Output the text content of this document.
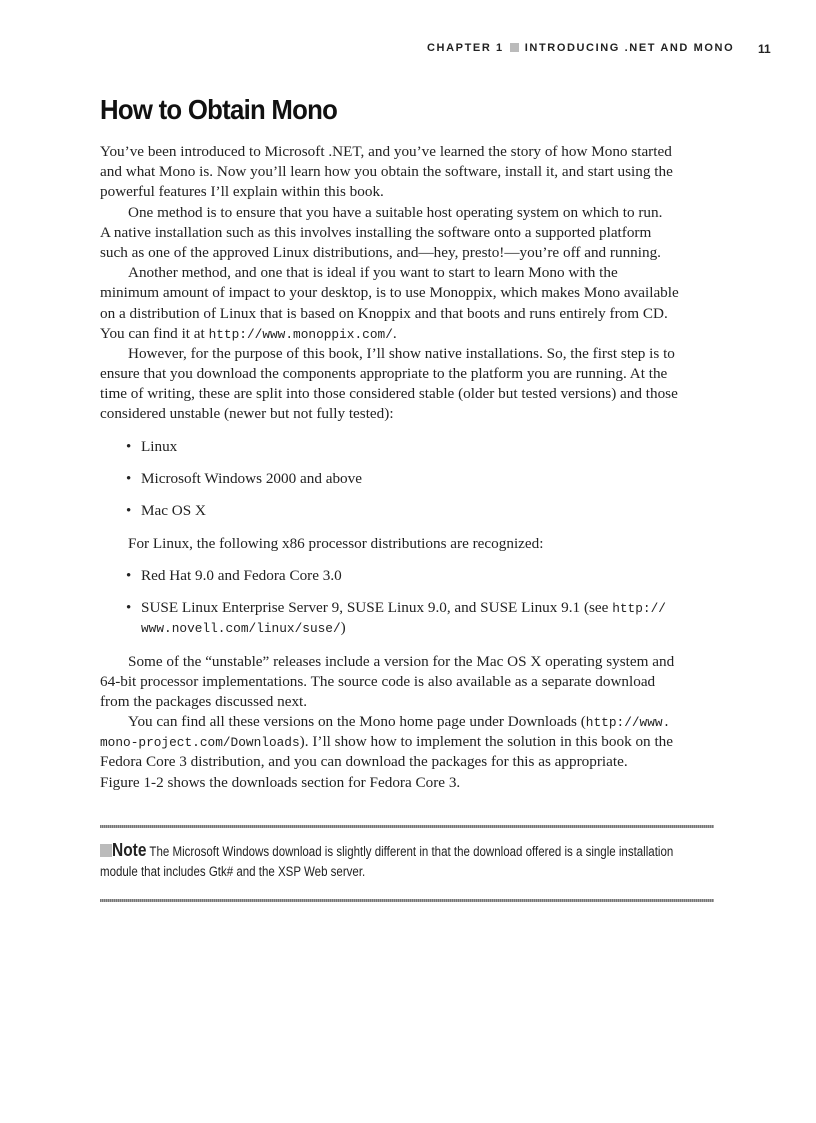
CHAPTER 1 INTRODUCING .NET AND MONO 11
How to Obtain Mono
You’ve been introduced to Microsoft .NET, and you’ve learned the story of how Mono started
and what Mono is. Now you’ll learn how you obtain the software, install it, and start using the
powerful features I’ll explain within this book.
One method is to ensure that you have a suitable host operating system on which to run.
A native installation such as this involves installing the software onto a supported platform
such as one of the approved Linux distributions, and—hey, presto!—you’re off and running.
Another method, and one that is ideal if you want to start to learn Mono with the
minimum amount of impact to your desktop, is to use Monoppix, which makes Mono available
on a distribution of Linux that is based on Knoppix and that boots and runs entirely from CD.
You can find it at http://www.monoppix.com/.
However, for the purpose of this book, I’ll show native installations. So, the first step is to
ensure that you download the components appropriate to the platform you are running. At the
time of writing, these are split into those considered stable (older but tested versions) and those
considered unstable (newer but not fully tested):
• Linux
• Microsoft Windows 2000 and above
• Mac OS X
For Linux, the following x86 processor distributions are recognized:
• Red Hat 9.0 and Fedora Core 3.0
• SUSE Linux Enterprise Server 9, SUSE Linux 9.0, and SUSE Linux 9.1 (see http://
www.novell.com/linux/suse/)
Some of the “unstable” releases include a version for the Mac OS X operating system and
64-bit processor implementations. The source code is also available as a separate download
from the packages discussed next.
You can find all these versions on the Mono home page under Downloads (http://www.
mono-project.com/Downloads). I’ll show how to implement the solution in this book on the
Fedora Core 3 distribution, and you can download the packages for this as appropriate.
Figure 1-2 shows the downloads section for Fedora Core 3.
Note The Microsoft Windows download is slightly different in that the download offered is a single installation
module that includes Gtk# and the XSP Web server.
